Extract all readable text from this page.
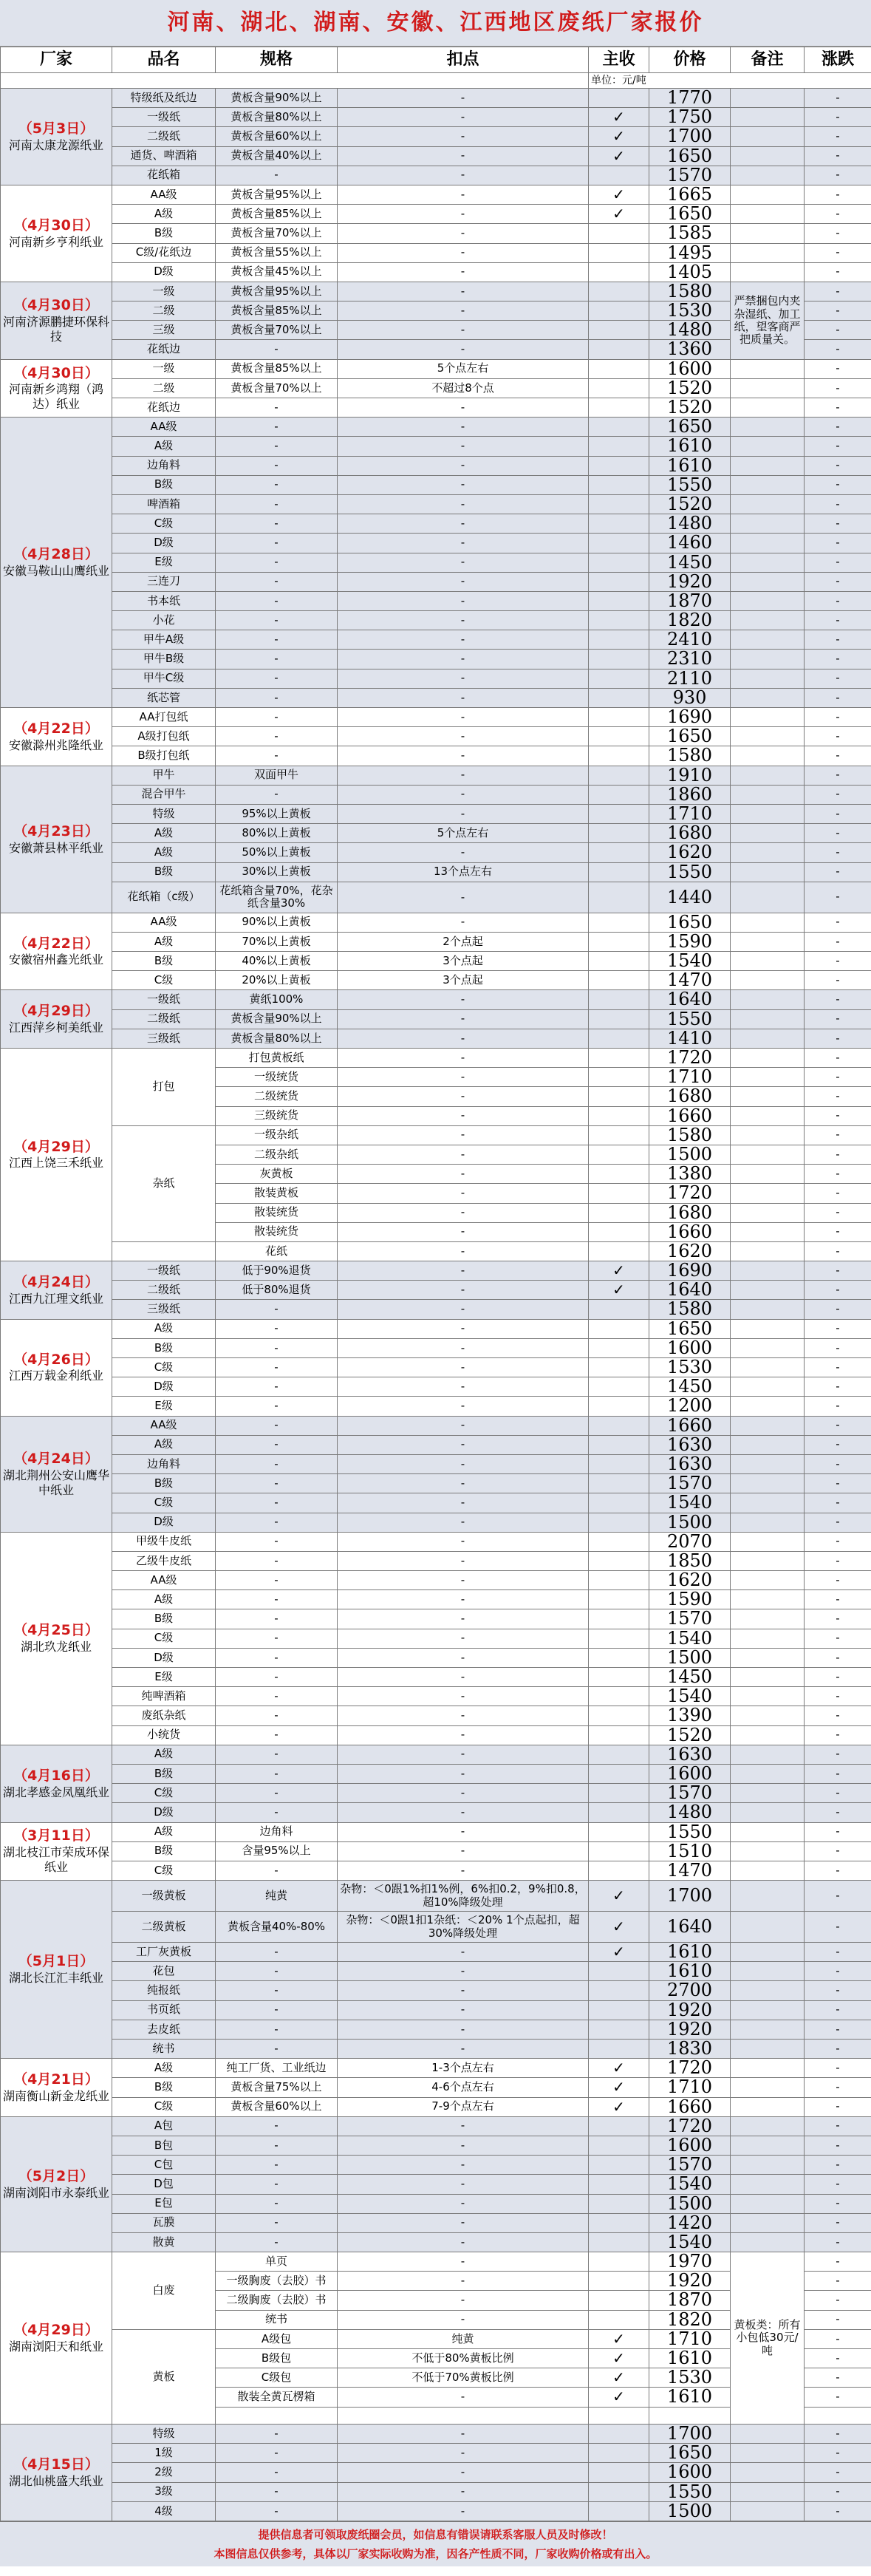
河南、湖北、湖南、安徽、江西地区废纸厂家报价
厂家	品名	规格	扣点	主收	价格	备注	涨跌
				单位：元/吨			

（5月3日）
河南太康龙源纸业	特级纸及纸边	黄板含量90%以上	-		1770		-
	一级纸	黄板含量80%以上	-	✓	1750		-
	二级纸	黄板含量60%以上	-	✓	1700		-
	通货、啤酒箱	黄板含量40%以上	-	✓	1650		-
	花纸箱	-	-		1570		-

（4月30日）
河南新乡亨利纸业	AA级	黄板含量95%以上	-	✓	1665		-
	A级	黄板含量85%以上	-	✓	1650		-
	B级	黄板含量70%以上	-		1585		-
	C级/花纸边	黄板含量55%以上	-		1495		-
	D级	黄板含量45%以上	-		1405		-

（4月30日）
河南济源鹏捷环保科技	一级	黄板含量95%以上	-		1580	严禁捆包内夹杂湿纸、加工纸，望客商严把质量关。	-
	二级	黄板含量85%以上	-		1530		-
	三级	黄板含量70%以上	-		1480		-
	花纸边	-	-		1360		-

（4月30日）
河南新乡鸿翔（鸿达）纸业	一级	黄板含量85%以上	5个点左右		1600		-
	二级	黄板含量70%以上	不超过8个点		1520		-
	花纸边	-	-		1520		-

（4月28日）
安徽马鞍山山鹰纸业	AA级	-	-		1650		-
	A级	-	-		1610		-
	边角料	-	-		1610		-
	B级	-	-		1550		-
	啤酒箱	-	-		1520		-
	C级	-	-		1480		-
	D级	-	-		1460		-
	E级	-	-		1450		-
	三连刀	-	-		1920		-
	书本纸	-	-		1870		-
	小花	-	-		1820		-
	甲牛A级	-	-		2410		-
	甲牛B级	-	-		2310		-
	甲牛C级	-	-		2110		-
	纸芯管	-	-		930		-

（4月22日）
安徽滁州兆隆纸业	AA打包纸	-	-		1690		-
	A级打包纸	-	-		1650		-
	B级打包纸	-	-		1580		-

（4月23日）
安徽萧县林平纸业	甲牛	双面甲牛	-		1910		-
	混合甲牛	-	-		1860		-
	特级	95%以上黄板	-		1710		-
	A级	80%以上黄板	5个点左右		1680		-
	A级	50%以上黄板	-		1620		-
	B级	30%以上黄板	13个点左右		1550		-
	花纸箱（c级）	花纸箱含量70%，花杂纸含量30%	-		1440		-

（4月22日）
安徽宿州鑫光纸业	AA级	90%以上黄板	-		1650		-
	A级	70%以上黄板	2个点起		1590		-
	B级	40%以上黄板	3个点起		1540		-
	C级	20%以上黄板	3个点起		1470		-

（4月29日）
江西萍乡柯美纸业	一级纸	黄纸100%	-		1640		-
	二级纸	黄板含量90%以上	-		1550		-
	三级纸	黄板含量80%以上	-		1410		-

（4月29日）
江西上饶三禾纸业	打包	打包黄板纸	-		1720		-
		一级统货	-		1710		-
		二级统货	-		1680		-
		三级统货	-		1660		-
	杂纸	一级杂纸	-		1580		-
		二级杂纸	-		1500		-
		灰黄板	-		1380		-
		散装黄板	-		1720		-
		散装统货	-		1680		-
		散装统货	-		1660		-
		花纸	-		1620		-

（4月24日）
江西九江理文纸业	一级纸	低于90%退货	-	✓	1690		-
	二级纸	低于80%退货	-	✓	1640		-
	三级纸	-	-		1580		-

（4月26日）
江西万载金利纸业	A级	-	-		1650		-
	B级	-	-		1600		-
	C级	-	-		1530		-
	D级	-	-		1450		-
	E级	-	-		1200		-

（4月24日）
湖北荆州公安山鹰华中纸业	AA级	-	-		1660		-
	A级	-	-		1630		-
	边角料	-	-		1630		-
	B级	-	-		1570		-
	C级	-	-		1540		-
	D级	-	-		1500		-

（4月25日）
湖北玖龙纸业	甲级牛皮纸	-	-		2070		-
	乙级牛皮纸	-	-		1850		-
	AA级	-	-		1620		-
	A级	-	-		1590		-
	B级	-	-		1570		-
	C级	-	-		1540		-
	D级	-	-		1500		-
	E级	-	-		1450		-
	纯啤酒箱	-	-		1540		-
	废纸杂纸	-	-		1390		-
	小统货	-	-		1520		-

（4月16日）
湖北孝感金凤凰纸业	A级	-	-		1630		-
	B级	-	-		1600		-
	C级	-	-		1570		-
	D级	-	-		1480		-

（3月11日）
湖北枝江市荣成环保纸业	A级	边角料	-		1550		-
	B级	含量95%以上	-		1510		-
	C级	-	-		1470		-

（5月1日）
湖北长江汇丰纸业	一级黄板	纯黄	杂物：＜0跟1%扣1%例，6%扣0.2，9%扣0.8，超10%降级处理	✓	1700		-
	二级黄板	黄板含量40%-80%	杂物：＜0跟1扣1杂纸：＜20% 1个点起扣，超30%降级处理	✓	1640		-
	工厂灰黄板	-	-	✓	1610		-
	花包	-	-		1610		-
	纯报纸	-	-		2700		-
	书页纸	-	-		1920		-
	去皮纸	-	-		1920		-
	统书	-	-		1830		-

（4月21日）
湖南衡山新金龙纸业	A级	纯工厂货、工业纸边	1-3个点左右	✓	1720		-
	B级	黄板含量75%以上	4-6个点左右	✓	1710		-
	C级	黄板含量60%以上	7-9个点左右	✓	1660		-

（5月2日）
湖南浏阳市永泰纸业	A包	-	-		1720		-
	B包	-	-		1600		-
	C包	-	-		1570		-
	D包	-	-		1540		-
	E包	-	-		1500		-
	瓦膜	-	-		1420		-
	散黄	-	-		1540		-

（4月29日）
湖南浏阳天和纸业	白废	单页	-		1970	黄板类：所有小包低30元/吨	-
		一级胸废（去胶）书	-		1920		-
		二级胸废（去胶）书	-		1870		-
		统书	-		1820		-
	黄板	A级包	纯黄	✓	1710		-
		B级包	不低于80%黄板比例	✓	1610		-
		C级包	不低于70%黄板比例	✓	1530		-
		散装全黄瓦楞箱	-	✓	1610		-

（4月15日）
湖北仙桃盛大纸业	特级	-	-		1700		-
	1级	-	-		1650		-
	2级	-	-		1600		-
	3级	-	-		1550		-
	4级	-	-		1500		-
提供信息者可领取废纸圈会员，如信息有错误请联系客服人员及时修改！
本图信息仅供参考，具体以厂家实际收购为准，因各产性质不同，厂家收购价格或有出入。
